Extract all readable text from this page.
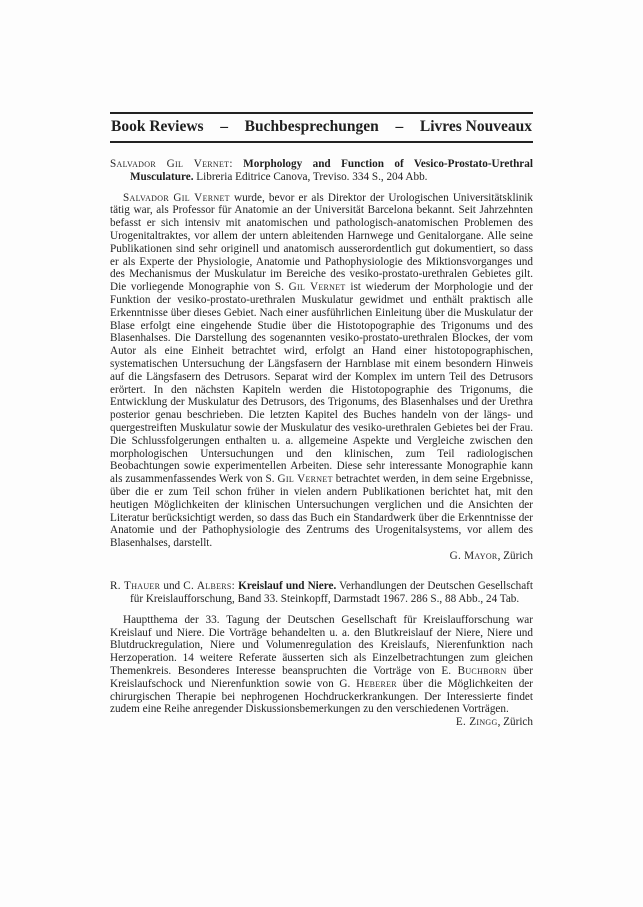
Book Reviews – Buchbesprechungen – Livres Nouveaux

Salvador Gil Vernet: Morphology and Function of Vesico-Prostato-Urethral Musculature. Libreria Editrice Canova, Treviso. 334 S., 204 Abb.

Salvador Gil Vernet wurde, bevor er als Direktor der Urologischen Universitätsklinik tätig war, als Professor für Anatomie an der Universität Barcelona bekannt. Seit Jahrzehnten befasst er sich intensiv mit anatomischen und pathologisch-anatomischen Problemen des Urogenitaltraktes, vor allem der untern ableitenden Harnwege und Genitalorgane. Alle seine Publikationen sind sehr originell und anatomisch ausserordentlich gut dokumentiert, so dass er als Experte der Physiologie, Anatomie und Pathophysiologie des Miktionsvorganges und des Mechanismus der Muskulatur im Bereiche des vesiko-prostato-urethralen Gebietes gilt. Die vorliegende Monographie von S. Gil Vernet ist wiederum der Morphologie und der Funktion der vesiko-prostato-urethralen Muskulatur gewidmet und enthält praktisch alle Erkenntnisse über dieses Gebiet. Nach einer ausführlichen Einleitung über die Muskulatur der Blase erfolgt eine eingehende Studie über die Histotopographie des Trigonums und des Blasenhalses. Die Darstellung des sogenannten vesiko-prostato-urethralen Blockes, der vom Autor als eine Einheit betrachtet wird, erfolgt an Hand einer histotopographischen, systematischen Untersuchung der Längsfasern der Harnblase mit einem besondern Hinweis auf die Längsfasern des Detrusors. Separat wird der Komplex im untern Teil des Detrusors erörtert. In den nächsten Kapiteln werden die Histotopographie des Trigonums, die Entwicklung der Muskulatur des Detrusors, des Trigonums, des Blasenhalses und der Urethra posterior genau beschrieben. Die letzten Kapitel des Buches handeln von der längs- und quergestreiften Muskulatur sowie der Muskulatur des vesiko-urethralen Gebietes bei der Frau. Die Schlussfolgerungen enthalten u. a. allgemeine Aspekte und Vergleiche zwischen den morphologischen Untersuchungen und den klinischen, zum Teil radiologischen Beobachtungen sowie experimentellen Arbeiten. Diese sehr interessante Monographie kann als zusammenfassendes Werk von S. Gil Vernet betrachtet werden, in dem seine Ergebnisse, über die er zum Teil schon früher in vielen andern Publikationen berichtet hat, mit den heutigen Möglichkeiten der klinischen Untersuchungen verglichen und die Ansichten der Literatur berücksichtigt werden, so dass das Buch ein Standardwerk über die Erkenntnisse der Anatomie und der Pathophysiologie des Zentrums des Urogenitalsystems, vor allem des Blasenhalses, darstellt.

G. Mayor, Zürich

R. Thauer und C. Albers: Kreislauf und Niere. Verhandlungen der Deutschen Gesellschaft für Kreislaufforschung, Band 33. Steinkopff, Darmstadt 1967. 286 S., 88 Abb., 24 Tab.

Hauptthema der 33. Tagung der Deutschen Gesellschaft für Kreislaufforschung war Kreislauf und Niere. Die Vorträge behandelten u. a. den Blutkreislauf der Niere, Niere und Blutdruckregulation, Niere und Volumenregulation des Kreislaufs, Nierenfunktion nach Herzoperation. 14 weitere Referate äusserten sich als Einzelbetrachtungen zum gleichen Themenkreis. Besonderes Interesse beanspruchten die Vorträge von E. Buchborn über Kreislaufschock und Nierenfunktion sowie von G. Heberer über die Möglichkeiten der chirurgischen Therapie bei nephrogenen Hochdruckerkrankungen. Der Interessierte findet zudem eine Reihe anregender Diskussionsbemerkungen zu den verschiedenen Vorträgen.
E. Zingg, Zürich
